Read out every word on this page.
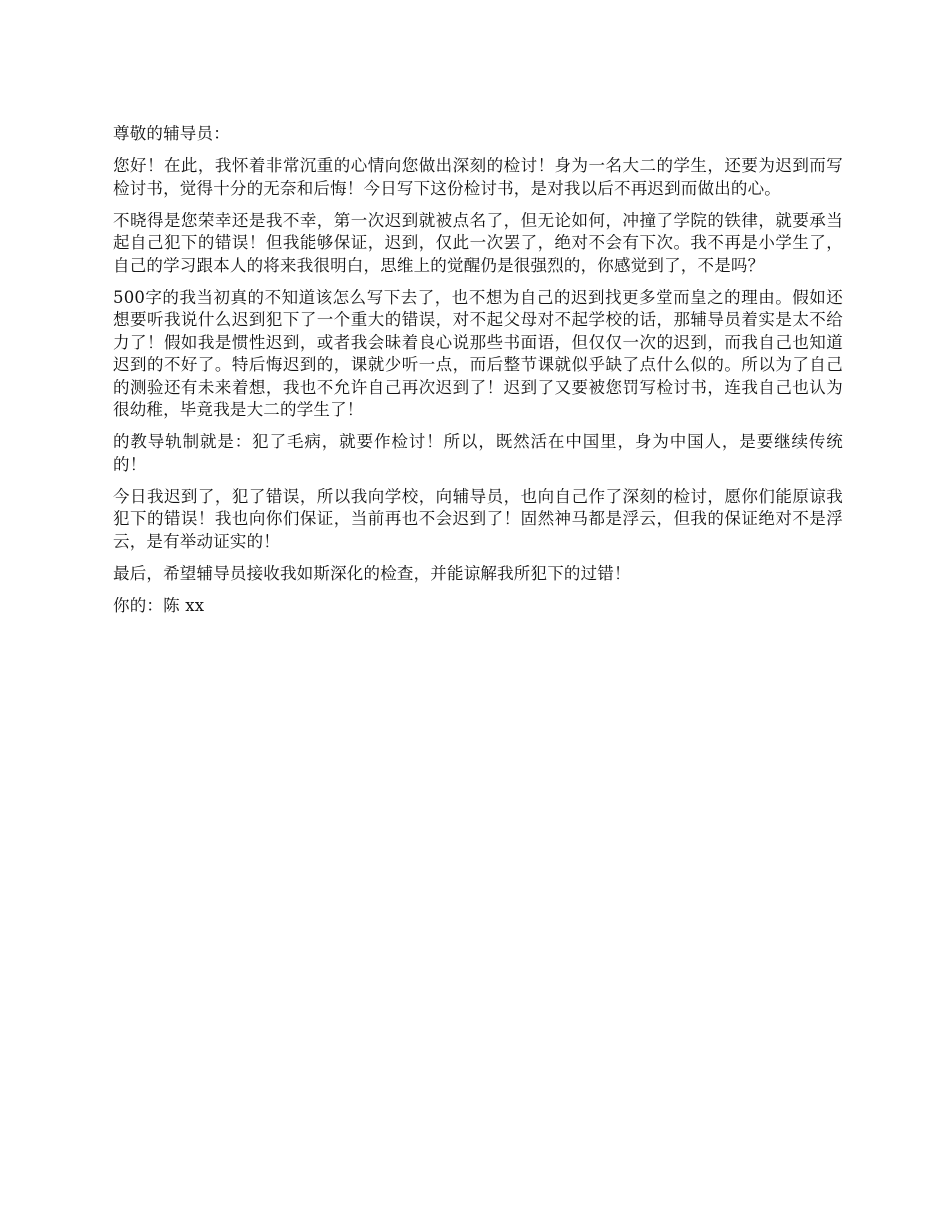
尊敬的辅导员：

您好！在此，我怀着非常沉重的心情向您做出深刻的检讨！身为一名大二的学生，还要为迟到而写检讨书，觉得十分的无奈和后悔！今日写下这份检讨书，是对我以后不再迟到而做出的心。

不晓得是您荣幸还是我不幸，第一次迟到就被点名了，但无论如何，冲撞了学院的铁律，就要承当起自己犯下的错误！但我能够保证，迟到，仅此一次罢了，绝对不会有下次。我不再是小学生了，自己的学习跟本人的将来我很明白，思维上的觉醒仍是很强烈的，你感觉到了，不是吗？

500字的我当初真的不知道该怎么写下去了，也不想为自己的迟到找更多堂而皇之的理由。假如还想要听我说什么迟到犯下了一个重大的错误，对不起父母对不起学校的话，那辅导员着实是太不给力了！假如我是惯性迟到，或者我会昧着良心说那些书面语，但仅仅一次的迟到，而我自己也知道迟到的不好了。特后悔迟到的，课就少听一点，而后整节课就似乎缺了点什么似的。所以为了自己的测验还有未来着想，我也不允许自己再次迟到了！迟到了又要被您罚写检讨书，连我自己也认为很幼稚，毕竟我是大二的学生了！

的教导轨制就是：犯了毛病，就要作检讨！所以，既然活在中国里，身为中国人，是要继续传统的！

今日我迟到了，犯了错误，所以我向学校，向辅导员，也向自己作了深刻的检讨，愿你们能原谅我犯下的错误！我也向你们保证，当前再也不会迟到了！固然神马都是浮云，但我的保证绝对不是浮云，是有举动证实的！

最后，希望辅导员接收我如斯深化的检查，并能谅解我所犯下的过错！

你的：陈 xx
